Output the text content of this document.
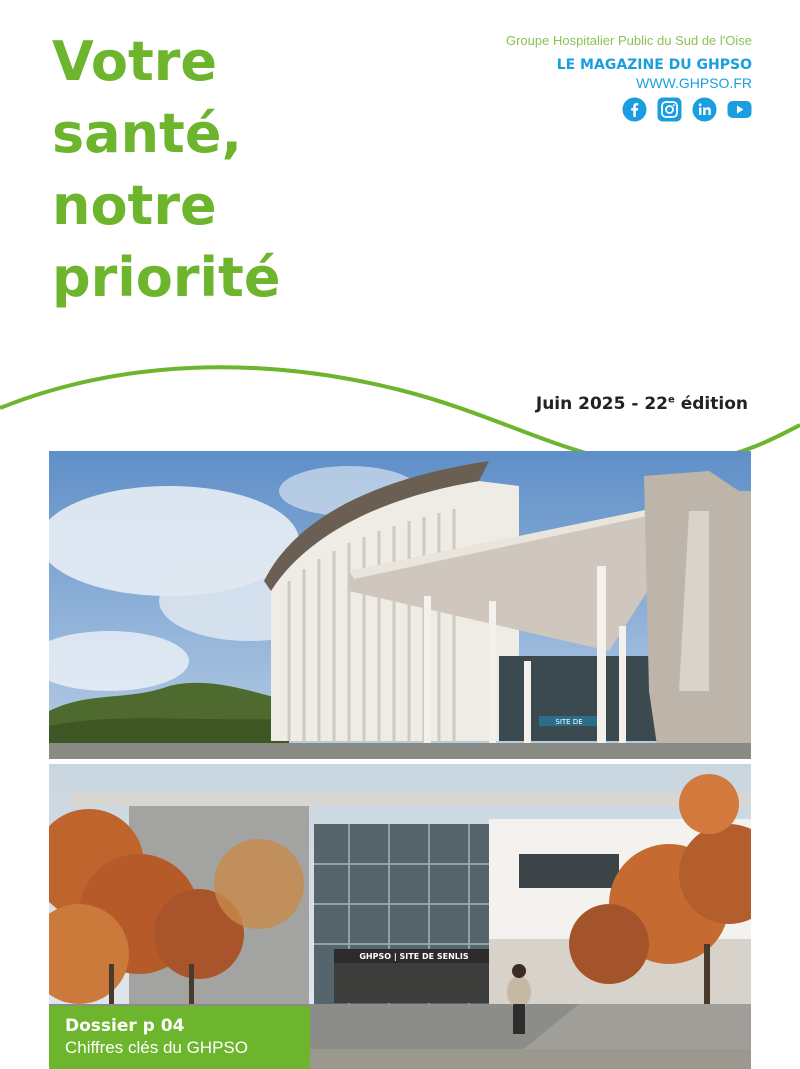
Votre
santé,
notre
priorité
Groupe Hospitalier Public du Sud de l'Oise
LE MAGAZINE DU GHPSO
WWW.GHPSO.FR
Juin 2025 - 22e édition
SITE DE
GHPSO | SITE DE SENLIS
Dossier p 04
Chiffres clés du GHPSO
